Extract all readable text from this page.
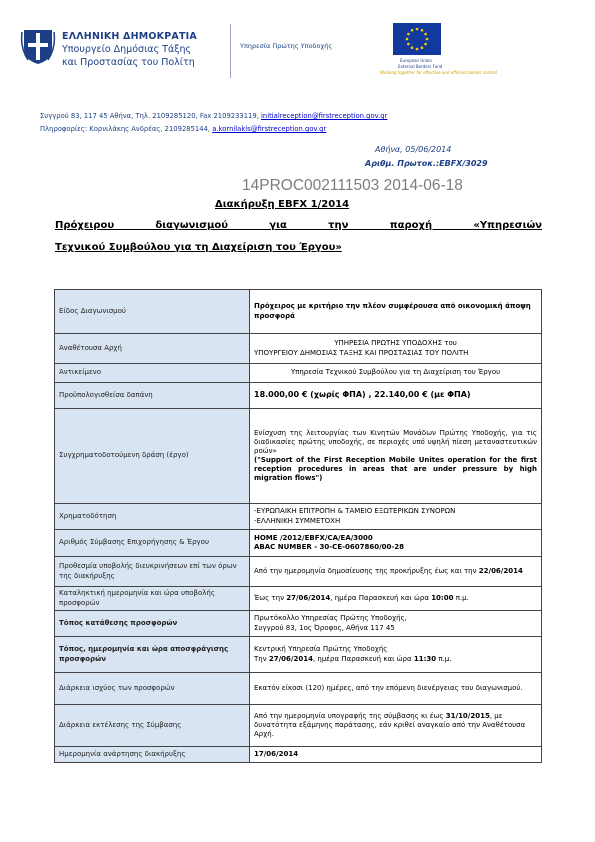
ΕΛΛΗΝΙΚΗ ΔΗΜΟΚΡΑΤΙΑ
Υπουργείο Δημόσιας Τάξης
και Προστασίας του Πολίτη
Υπηρεσία Πρώτης Υποδοχής
European Union
External Borders Fund
Working together for effective and efficient border control
Συγγρού 83, 117 45 Αθήνα, Τηλ. 2109285120, Fax 2109233119, initialreception@firstreception.gov.gr
Πληροφορίες: Κορνιλάκης Ανδρέας, 2109285144, a.kornilakis@firstreception.gov.gr
Αθήνα, 05/06/2014
Αριθμ. Πρωτοκ.:EBFX/3029
14PROC002111503 2014-06-18
Διακήρυξη EBFX 1/2014
Πρόχειρου διαγωνισμού για την παροχή «Υπηρεσιών
Τεχνικού Συμβούλου για τη Διαχείριση του Έργου»
Είδος Διαγωνισμού	Πρόχειρος με κριτήριο την πλέον συμφέρουσα από οικονομική άποψη προσφορά
Αναθέτουσα Αρχή	ΥΠΗΡΕΣΙΑ ΠΡΩΤΗΣ ΥΠΟΔΟΧΗΣ του
ΥΠΟΥΡΓΕΙΟΥ ΔΗΜΟΣΙΑΣ ΤΑΞΗΣ ΚΑΙ ΠΡΟΣΤΑΣΙΑΣ ΤΟΥ ΠΟΛΙΤΗ

Αντικείμενο	Υπηρεσία Τεχνικού Συμβούλου για τη Διαχείριση του Έργου
Προϋπολογισθείσα δαπάνη	18.000,00 € (χωρίς ΦΠΑ) , 22.140,00 € (με ΦΠΑ)
Συγχρηματοδοτούμενη δράση (έργο)	Ενίσχυση της λειτουργίας των Κινητών Μονάδων Πρώτης Υποδοχής, για τις διαδικασίες πρώτης υποδοχής, σε περιοχές υπό υψηλή πίεση μεταναστευτικών ροών»
("Support of the First Reception Mobile Unites operation for the first reception procedures in areas that are under pressure by high migration flows")

Χρηματοδότηση	-ΕΥΡΩΠΑΙΚΗ ΕΠΙΤΡΟΠΗ & ΤΑΜΕΙΟ ΕΞΩΤΕΡΙΚΩΝ ΣΥΝΟΡΩΝ
-ΕΛΛΗΝΙΚΗ ΣΥΜΜΕΤΟΧΗ

Αριθμός Σύμβασης Επιχορήγησης & Έργου	HOME /2012/EBFX/CA/EA/3000
ABAC NUMBER - 30-CE-0607860/00-28

Προθεσμία υποβολής διευκρινήσεων επί των όρων της διακήρυξης	Από την ημερομηνία δημοσίευσης της προκήρυξης έως και την 22/06/2014
Καταληκτική ημερομηνία και ώρα υποβολής προσφορών	Έως την 27/06/2014, ημέρα Παρασκευή και ώρα 10:00 π.μ.
Τόπος κατάθεσης προσφορών	Πρωτόκολλο Υπηρεσίας Πρώτης Υποδοχής,
Συγγρού 83, 1ος Όροφος, Αθήνα 117 45

Τόπος, ημερομηνία και ώρα αποσφράγισης προσφορών	Κεντρική Υπηρεσία Πρώτης Υποδοχής
Την 27/06/2014, ημέρα Παρασκευή και ώρα 11:30 π.μ.

Διάρκεια ισχύος των προσφορών	Εκατόν είκοσι (120) ημέρες, από την επόμενη διενέργειας του διαγωνισμού.
Διάρκεια εκτέλεσης της Σύμβασης	Από την ημερομηνία υπογραφής της σύμβασης κι έως 31/10/2015, με δυνατότητα εξάμηνης παράτασης, εάν κριθεί αναγκαίο από την Αναθέτουσα Αρχή.
Ημερομηνία ανάρτησης διακήρυξης	17/06/2014
